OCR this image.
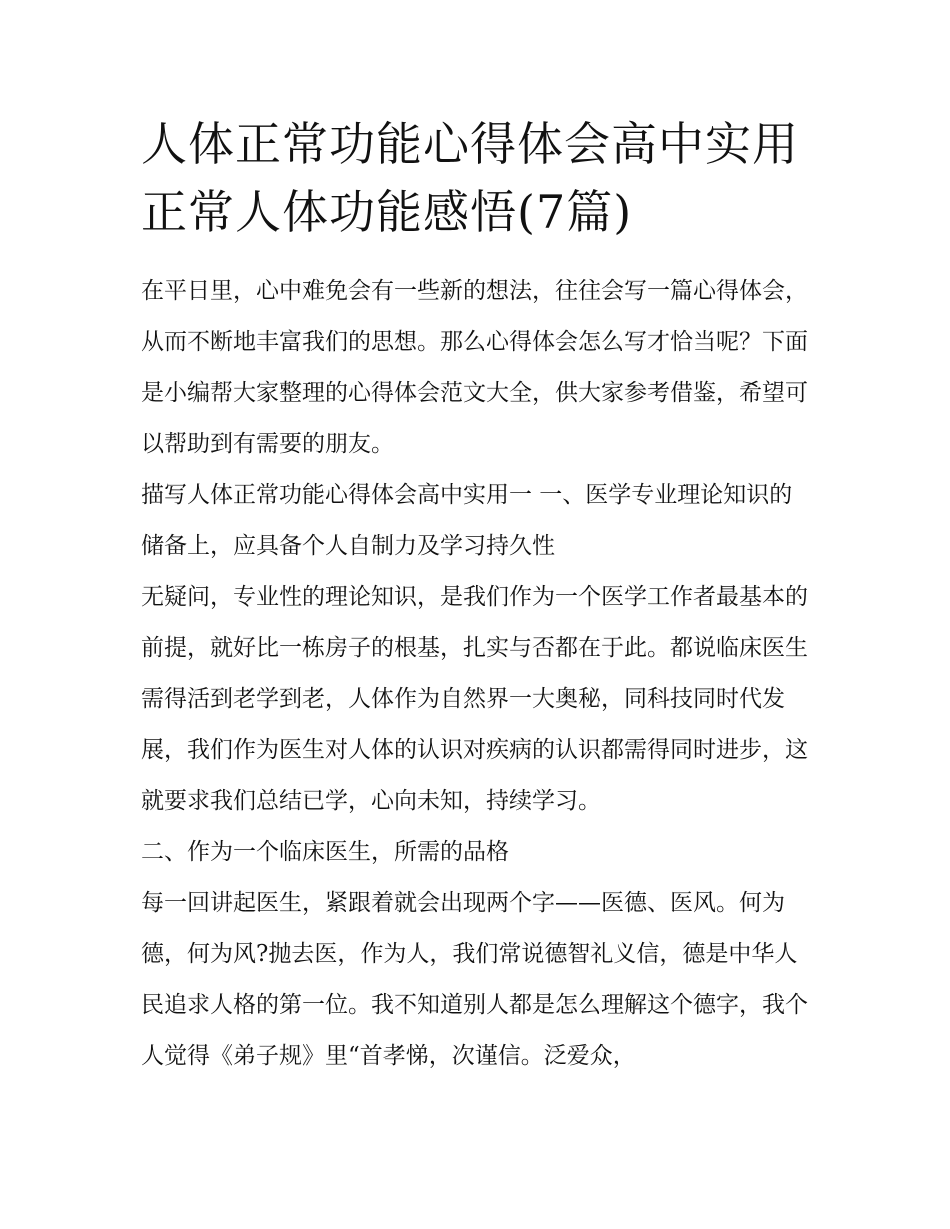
人体正常功能心得体会高中实用 正常人体功能感悟(7篇)

在平日里，心中难免会有一些新的想法，往往会写一篇心得体会，从而不断地丰富我们的思想。那么心得体会怎么写才恰当呢？下面是小编帮大家整理的心得体会范文大全，供大家参考借鉴，希望可以帮助到有需要的朋友。

描写人体正常功能心得体会高中实用一 一、医学专业理论知识的储备上，应具备个人自制力及学习持久性

无疑问，专业性的理论知识，是我们作为一个医学工作者最基本的前提，就好比一栋房子的根基，扎实与否都在于此。都说临床医生需得活到老学到老，人体作为自然界一大奥秘，同科技同时代发展，我们作为医生对人体的认识对疾病的认识都需得同时进步，这就要求我们总结已学，心向未知，持续学习。

二、作为一个临床医生，所需的品格

每一回讲起医生，紧跟着就会出现两个字——医德、医风。何为德，何为风?抛去医，作为人，我们常说德智礼义信，德是中华人民追求人格的第一位。我不知道别人都是怎么理解这个德字，我个人觉得《弟子规》里“首孝悌，次谨信。泛爱众，
